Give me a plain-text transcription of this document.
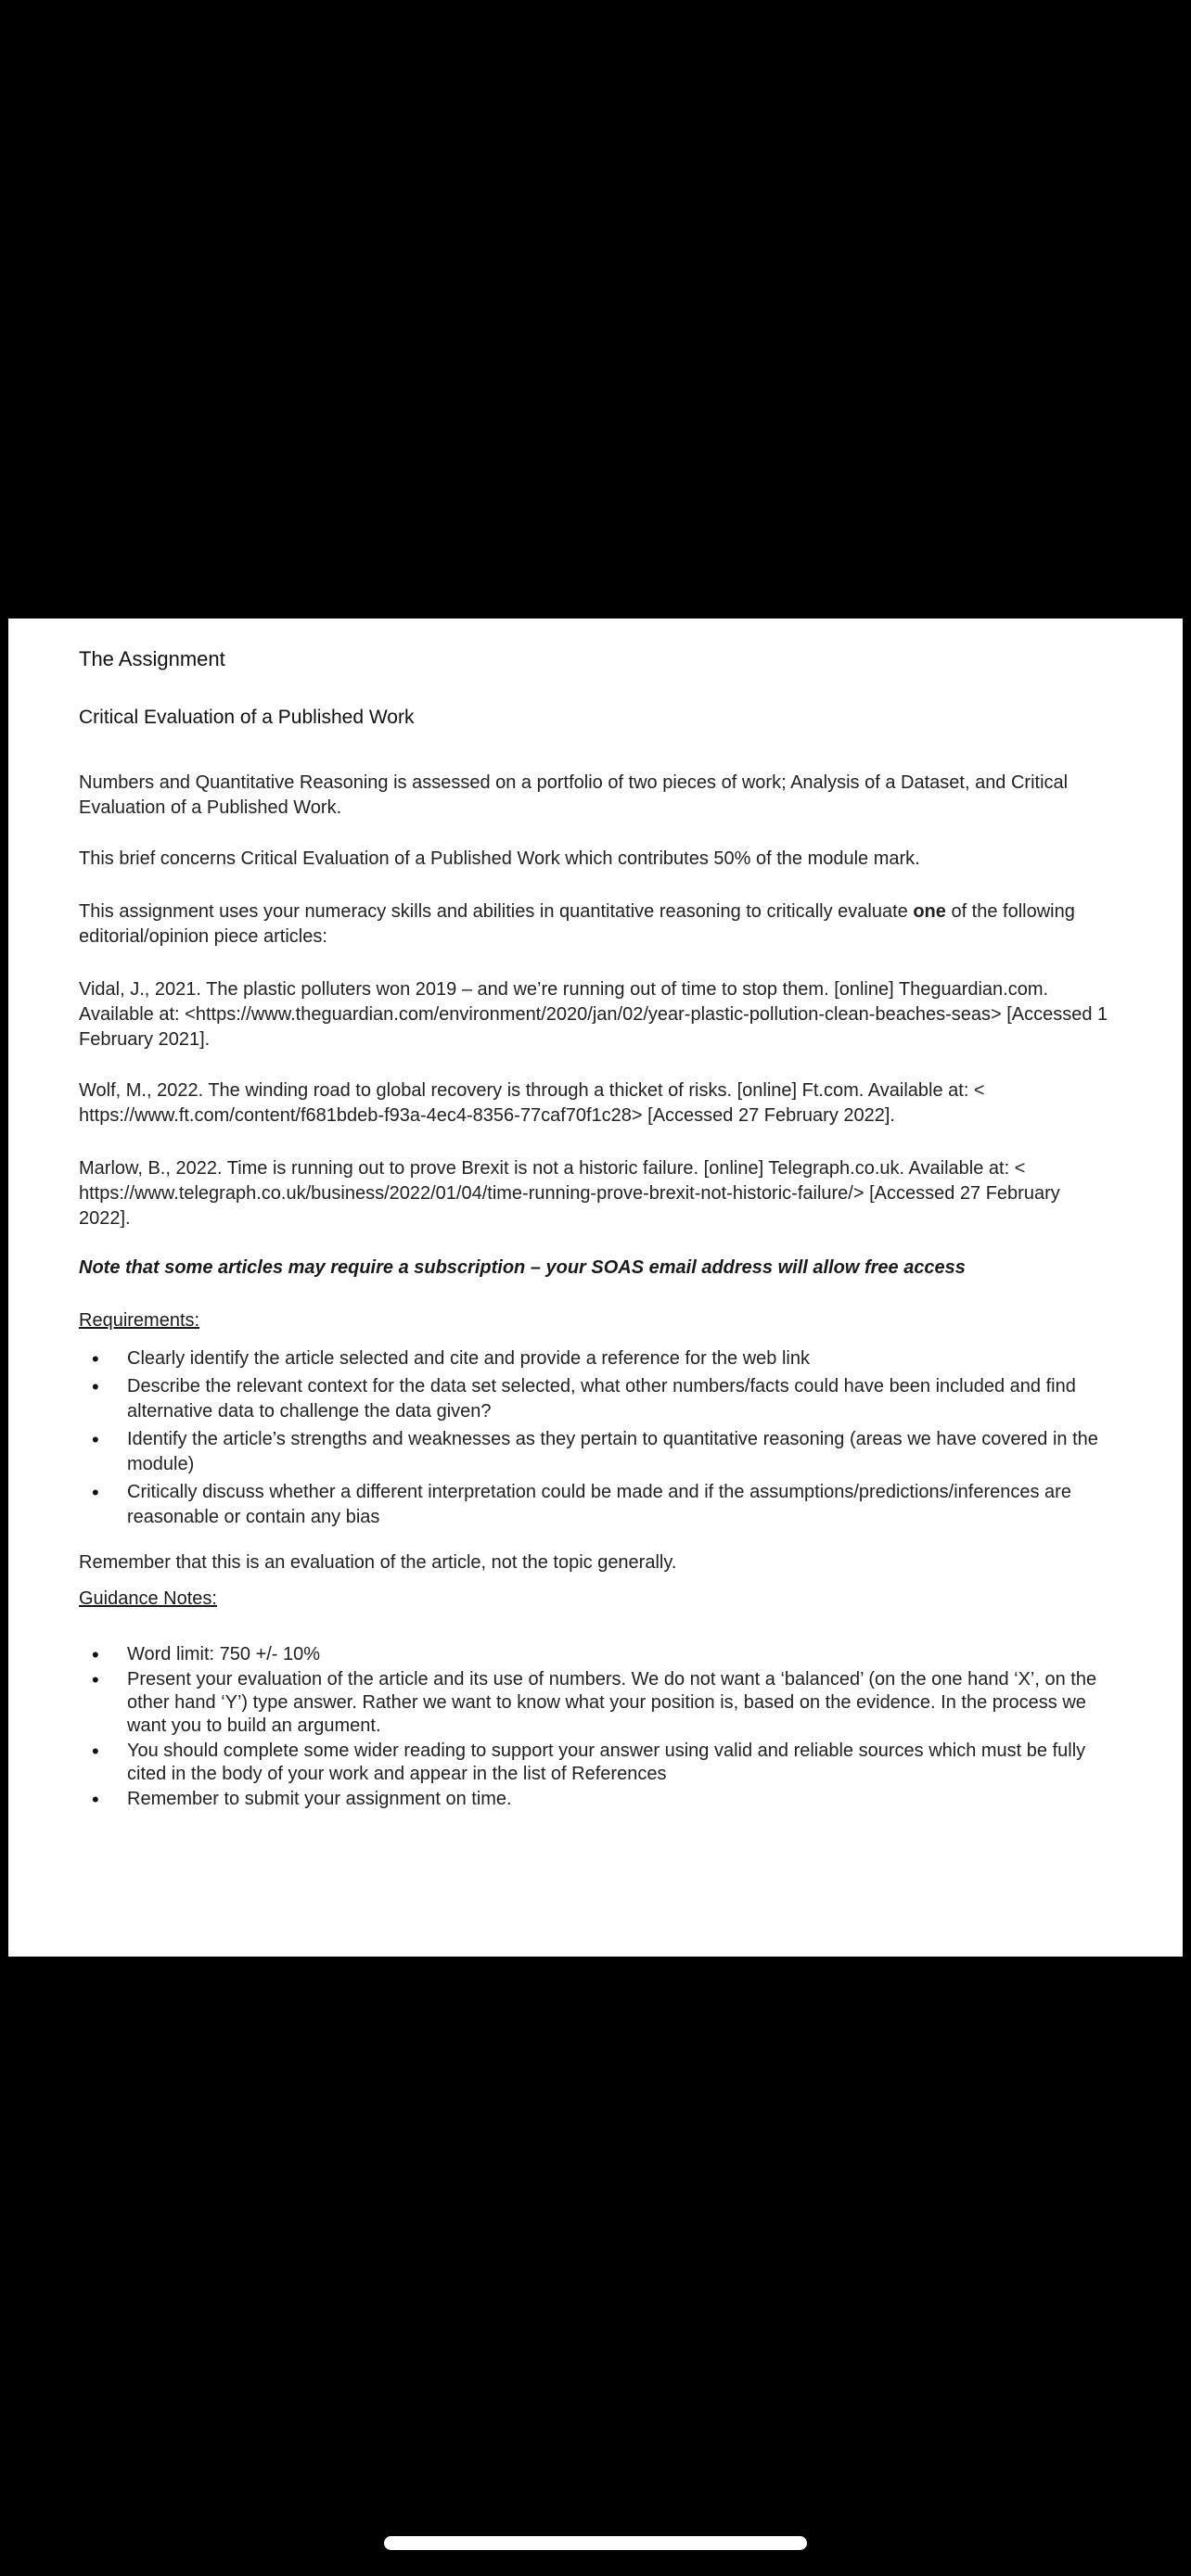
The Assignment
Critical Evaluation of a Published Work

Numbers and Quantitative Reasoning is assessed on a portfolio of two pieces of work; Analysis of a Dataset, and Critical Evaluation of a Published Work.

This brief concerns Critical Evaluation of a Published Work which contributes 50% of the module mark.

This assignment uses your numeracy skills and abilities in quantitative reasoning to critically evaluate one of the following editorial/opinion piece articles:

Vidal, J., 2021. The plastic polluters won 2019 – and we’re running out of time to stop them. [online] Theguardian.com. Available at: <https://www.theguardian.com/environment/2020/jan/02/year-plastic-pollution-clean-beaches-seas> [Accessed 1 February 2021].

Wolf, M., 2022. The winding road to global recovery is through a thicket of risks. [online] Ft.com. Available at: < https://www.ft.com/content/f681bdeb-f93a-4ec4-8356-77caf70f1c28> [Accessed 27 February 2022].

Marlow, B., 2022. Time is running out to prove Brexit is not a historic failure. [online] Telegraph.co.uk. Available at: < https://www.telegraph.co.uk/business/2022/01/04/time-running-prove-brexit-not-historic-failure/> [Accessed 27 February 2022].

Note that some articles may require a subscription – your SOAS email address will allow free access

Requirements:

• Clearly identify the article selected and cite and provide a reference for the web link
• Describe the relevant context for the data set selected, what other numbers/facts could have been included and find alternative data to challenge the data given?
• Identify the article’s strengths and weaknesses as they pertain to quantitative reasoning (areas we have covered in the module)
• Critically discuss whether a different interpretation could be made and if the assumptions/predictions/inferences are reasonable or contain any bias

Remember that this is an evaluation of the article, not the topic generally.

Guidance Notes:

• Word limit: 750 +/- 10%
• Present your evaluation of the article and its use of numbers. We do not want a ‘balanced’ (on the one hand ‘X’, on the other hand ‘Y’) type answer. Rather we want to know what your position is, based on the evidence. In the process we want you to build an argument.
• You should complete some wider reading to support your answer using valid and reliable sources which must be fully cited in the body of your work and appear in the list of References
• Remember to submit your assignment on time.
